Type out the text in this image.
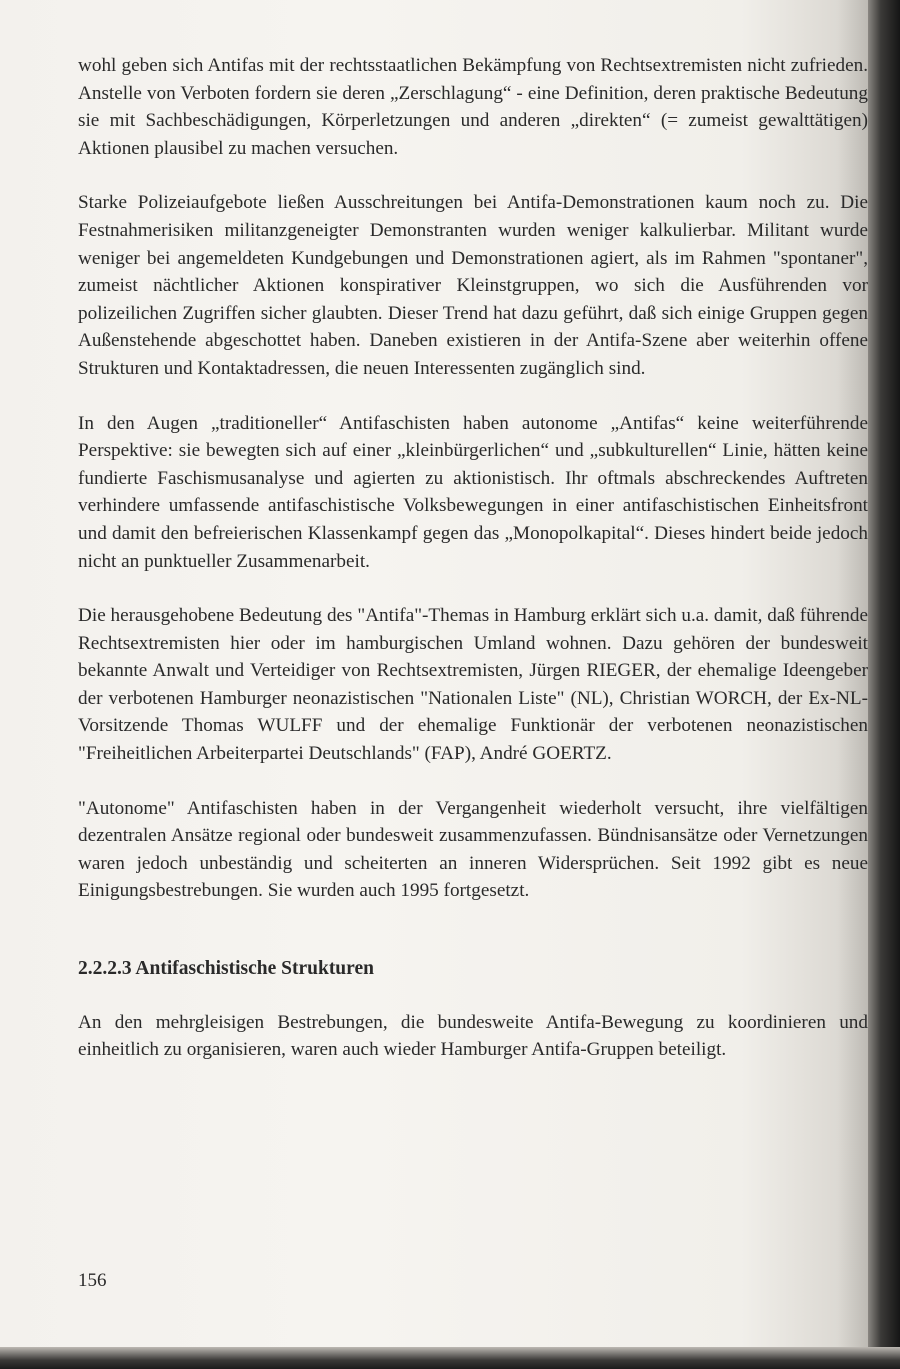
wohl geben sich Antifas mit der rechtsstaatlichen Bekämpfung von Rechtsextremisten nicht zufrieden. Anstelle von Verboten fordern sie deren „Zerschlagung“ - eine Definition, deren praktische Bedeutung sie mit Sachbeschädigungen, Körperletzungen und anderen „direkten“ (= zumeist gewalttätigen) Aktionen plausibel zu machen versuchen.

Starke Polizeiaufgebote ließen Ausschreitungen bei Antifa-Demonstrationen kaum noch zu. Die Festnahmerisiken militanzgeneigter Demonstranten wurden weniger kalkulierbar. Militant wurde weniger bei angemeldeten Kundgebungen und Demonstrationen agiert, als im Rahmen "spontaner", zumeist nächtlicher Aktionen konspirativer Kleinstgruppen, wo sich die Ausführenden vor polizeilichen Zugriffen sicher glaubten. Dieser Trend hat dazu geführt, daß sich einige Gruppen gegen Außenstehende abgeschottet haben. Daneben existieren in der Antifa-Szene aber weiterhin offene Strukturen und Kontaktadressen, die neuen Interessenten zugänglich sind.

In den Augen „traditioneller“ Antifaschisten haben autonome „Antifas“ keine weiterführende Perspektive: sie bewegten sich auf einer „kleinbürgerlichen“ und „subkulturellen“ Linie, hätten keine fundierte Faschismusanalyse und agierten zu aktionistisch. Ihr oftmals abschreckendes Auftreten verhindere umfassende antifaschistische Volksbewegungen in einer antifaschistischen Einheitsfront und damit den befreierischen Klassenkampf gegen das „Monopolkapital“. Dieses hindert beide jedoch nicht an punktueller Zusammenarbeit.

Die herausgehobene Bedeutung des "Antifa"-Themas in Hamburg erklärt sich u.a. damit, daß führende Rechtsextremisten hier oder im hamburgischen Umland wohnen. Dazu gehören der bundesweit bekannte Anwalt und Verteidiger von Rechtsextremisten, Jürgen RIEGER, der ehemalige Ideengeber der verbotenen Hamburger neonazistischen "Nationalen Liste" (NL), Christian WORCH, der Ex-NL-Vorsitzende Thomas WULFF und der ehemalige Funktionär der verbotenen neonazistischen "Freiheitlichen Arbeiterpartei Deutschlands" (FAP), André GOERTZ.

"Autonome" Antifaschisten haben in der Vergangenheit wiederholt versucht, ihre vielfältigen dezentralen Ansätze regional oder bundesweit zusammenzufassen. Bündnisansätze oder Vernetzungen waren jedoch unbeständig und scheiterten an inneren Widersprüchen. Seit 1992 gibt es neue Einigungsbestrebungen. Sie wurden auch 1995 fortgesetzt.

2.2.2.3 Antifaschistische Strukturen

An den mehrgleisigen Bestrebungen, die bundesweite Antifa-Bewegung zu koordinieren und einheitlich zu organisieren, waren auch wieder Hamburger Antifa-Gruppen beteiligt.

156
